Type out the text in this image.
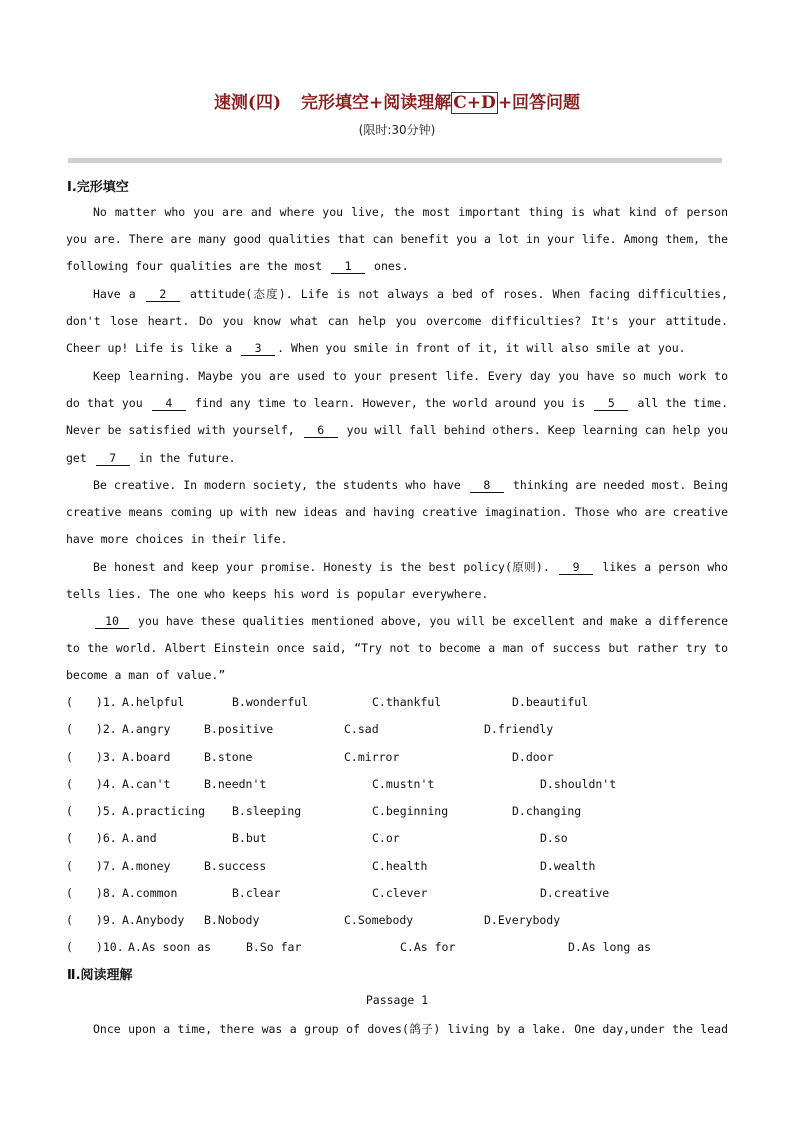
速测(四) 完形填空+阅读理解 C+D +回答问题
(限时:30分钟)
Ⅰ.完形填空

No matter who you are and where you live, the most important thing is what kind of person you are. There are many good qualities that can benefit you a lot in your life. Among them, the following four qualities are the most 1 ones.

Have a 2 attitude(态度). Life is not always a bed of roses. When facing difficulties, don't lose heart. Do you know what can help you overcome difficulties? It's your attitude. Cheer up! Life is like a 3 . When you smile in front of it, it will also smile at you.

Keep learning. Maybe you are used to your present life. Every day you have so much work to do that you 4 find any time to learn. However, the world around you is 5 all the time. Never be satisfied with yourself, 6 you will fall behind others. Keep learning can help you get 7 in the future.

Be creative. In modern society, the students who have 8 thinking are needed most. Being creative means coming up with new ideas and having creative imagination. Those who are creative have more choices in their life.

Be honest and keep your promise. Honesty is the best policy(原则). 9 likes a person who tells lies. The one who keeps his word is popular everywhere.

10 you have these qualities mentioned above, you will be excellent and make a difference to the world. Albert Einstein once said, “Try not to become a man of success but rather try to become a man of value.”

(　　)1. A.helpful	B.wonderful	C.thankful	D.beautiful
(　　)2. A.angry	B.positive	C.sad	D.friendly
(　　)3. A.board	B.stone	C.mirror	D.door
(　　)4. A.can't	B.needn't	C.mustn't	D.shouldn't
(　　)5. A.practicing B.sleeping	C.beginning	D.changing
(　　)6. A.and	B.but	C.or	D.so
(　　)7. A.money	B.success	C.health	D.wealth
(　　)8. A.common	B.clear	C.clever	D.creative
(　　)9. A.Anybody B.Nobody	C.Somebody	D.Everybody
(　　)10. A.As soon as	B.So far	C.As for	D.As long as
Ⅱ.阅读理解
Passage 1

Once upon a time, there was a group of doves(鸽子) living by a lake. One day,under the lead
